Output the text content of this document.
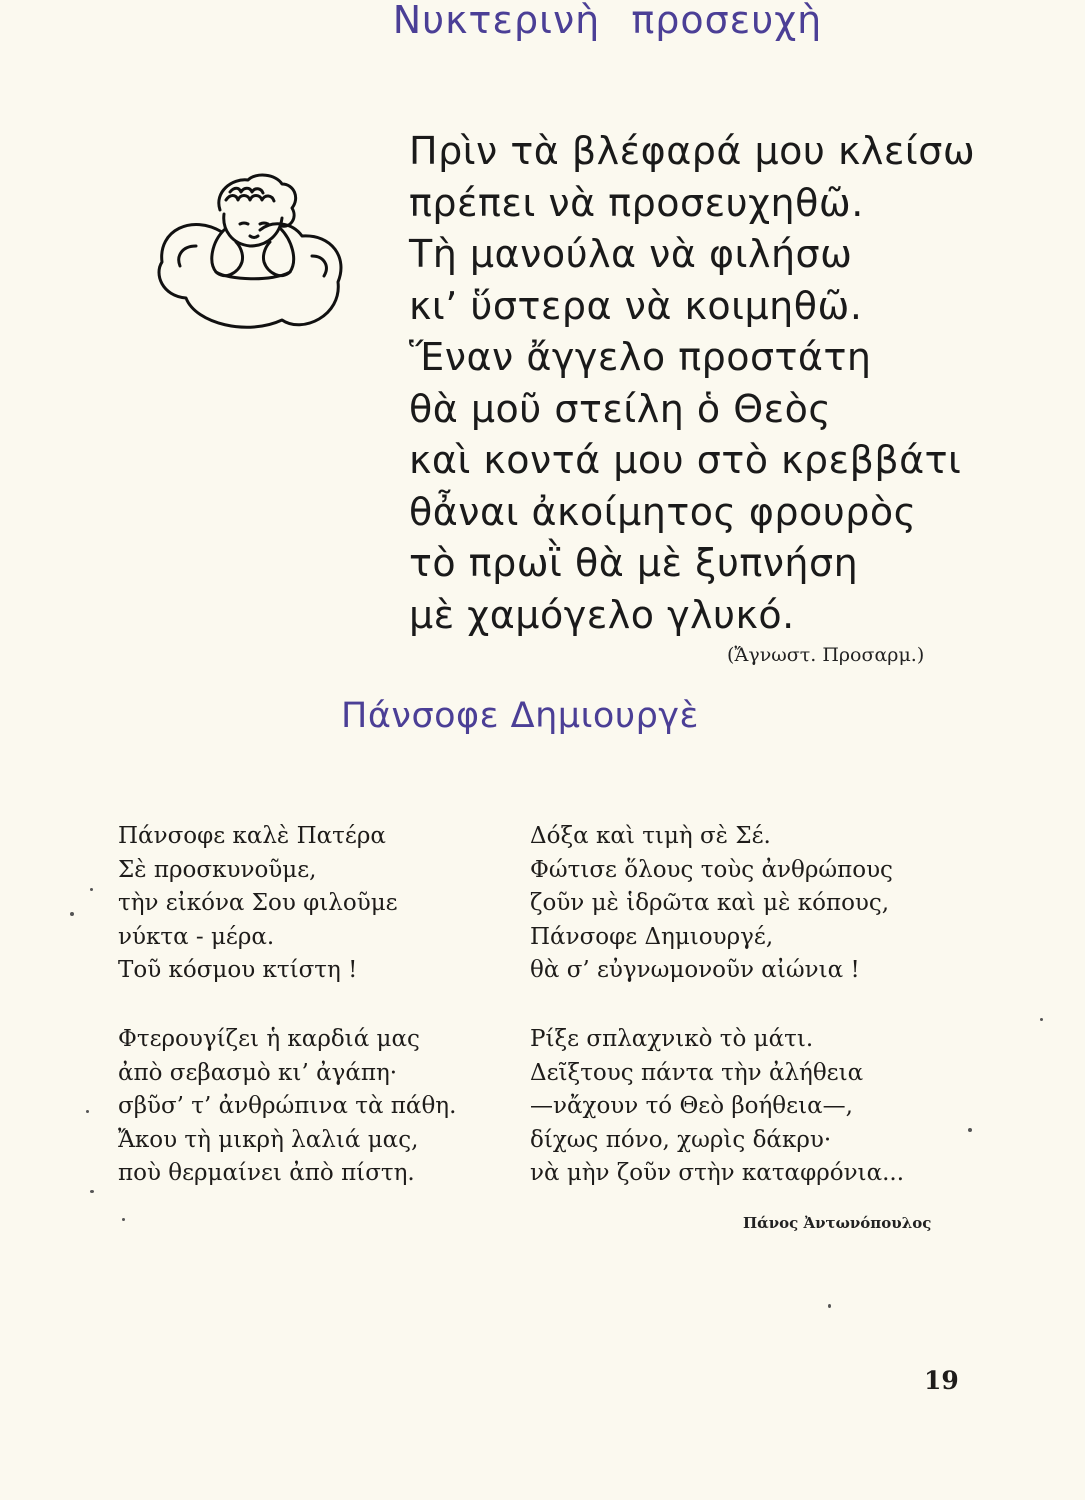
Νυκτερινὴ προσευχὴ
Πρὶν τὰ βλέφαρά μου κλείσω
πρέπει νὰ προσευχηθῶ.
Τὴ μανούλα νὰ φιλήσω
κι’ ὕστερα νὰ κοιμηθῶ.
Ἕναν ἄγγελο προστάτη
θὰ μοῦ στείλη ὁ Θεὸς
καὶ κοντά μου στὸ κρεββάτι
θἆναι ἀκοίμητος φρουρὸς
τὸ πρωῒ θὰ μὲ ξυπνήση
μὲ χαμόγελο γλυκό.
(Ἄγνωστ. Προσαρμ.)
Πάνσοφε Δημιουργὲ
Πάνσοφε καλὲ Πατέρα
Σὲ προσκυνοῦμε,
τὴν εἰκόνα Σου φιλοῦμε
νύκτα - μέρα.
Τοῦ κόσμου κτίστη !
Δόξα καὶ τιμὴ σὲ Σέ.
Φώτισε ὅλους τοὺς ἀνθρώπους
ζοῦν μὲ ἱδρῶτα καὶ μὲ κόπους,
Πάνσοφε Δημιουργέ,
θὰ σ’ εὐγνωμονοῦν αἰώνια !
Φτερουγίζει ἡ καρδιά μας
ἀπὸ σεβασμὸ κι’ ἀγάπη·
σβῦσ’ τ’ ἀνθρώπινα τὰ πάθη.
Ἄκου τὴ μικρὴ λαλιά μας,
ποὺ θερμαίνει ἀπὸ πίστη.
Ρίξε σπλαχνικὸ τὸ μάτι.
Δεῖξτους πάντα τὴν ἀλήθεια
—νἄχουν τό Θεὸ βοήθεια—,
δίχως πόνο, χωρὶς δάκρυ·
νὰ μὴν ζοῦν στὴν καταφρόνια...
Πάνος Ἀντωνόπουλος
19
